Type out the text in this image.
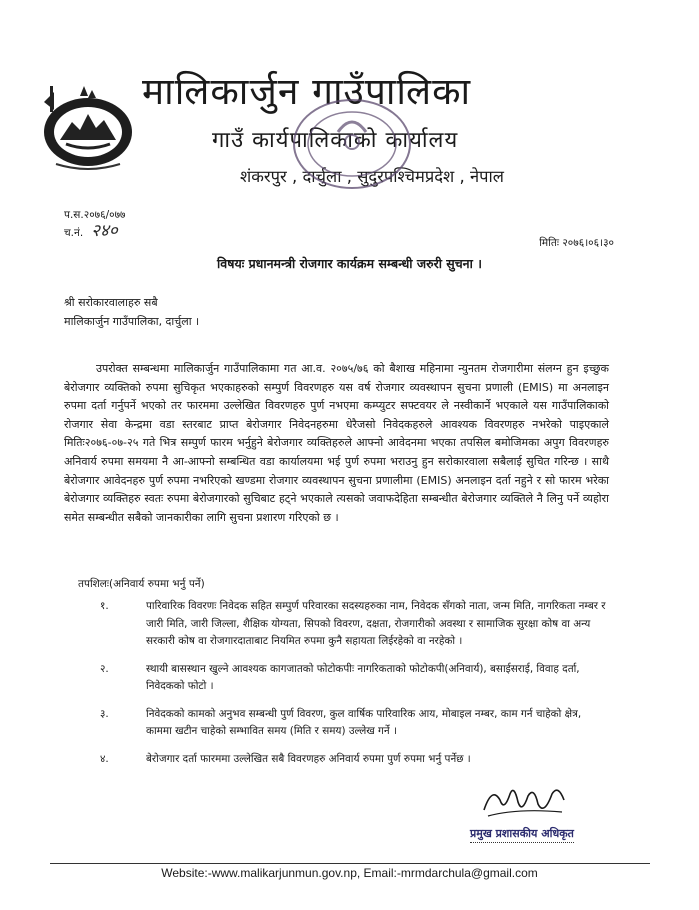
मालिकार्जुन गाउँपालिका
गाउँ कार्यपालिकाको कार्यालय
शंकरपुर , दार्चुला , सुदुरपश्चिमप्रदेश , नेपाल
प.स.२०७६/०७७
च.नं. २४०
मितिः २०७६।०६।३०
विषयः प्रधानमन्त्री रोजगार कार्यक्रम सम्बन्धी जरुरी सुचना ।
श्री सरोकारवालाहरु सबै
मालिकार्जुन गाउँपालिका, दार्चुला ।
उपरोक्त सम्बन्धमा मालिकार्जुन गाउँपालिकामा गत आ.व. २०७५/७६ को बैशाख महिनामा न्युनतम रोजगारीमा संलग्न हुन इच्छुक बेरोजगार व्यक्तिको रुपमा सुचिकृत भएकाहरुको सम्पुर्ण विवरणहरु यस वर्ष रोजगार व्यवस्थापन सुचना प्रणाली (EMIS) मा अनलाइन रुपमा दर्ता गर्नुपर्ने भएको तर फारममा उल्लेखित विवरणहरु पुर्ण नभएमा कम्प्युटर सफ्टवयर ले नस्वीकार्ने भएकाले यस गाउँपालिकाको रोजगार सेवा केन्द्रमा वडा स्तरबाट प्राप्त बेरोजगार निवेदनहरुमा धेरैजसो निवेदकहरुले आवश्यक विवरणहरु नभरेको पाइएकाले मितिः२०७६-०७-२५ गते भित्र सम्पुर्ण फारम भर्नुहुने बेरोजगार व्यक्तिहरुले आफ्नो आवेदनमा भएका तपसिल बमोजिमका अपुग विवरणहरु अनिवार्य रुपमा समयमा नै आ-आफ्नो सम्बन्धित वडा कार्यालयमा भई पुर्ण रुपमा भराउनु हुन सरोकारवाला सबैलाई सुचित गरिन्छ । साथै बेरोजगार आवेदनहरु पुर्ण रुपमा नभरिएको खण्डमा रोजगार व्यवस्थापन सुचना प्रणालीमा (EMIS) अनलाइन दर्ता नहुने र सो फारम भरेका बेरोजगार व्यक्तिहरु स्वतः रुपमा बेरोजगारको सुचिबाट हट्ने भएकाले त्यसको जवाफदेहिता सम्बन्धीत बेरोजगार व्यक्तिले नै लिनु पर्ने व्यहोरा समेत सम्बन्धीत सबैको जानकारीका लागि सुचना प्रशारण गरिएको छ ।
तपशिलः(अनिवार्य रुपमा भर्नु पर्ने)
१.	पारिवारिक विवरणः निवेदक सहित सम्पुर्ण परिवारका सदस्यहरुका नाम, निवेदक सँगको नाता, जन्म मिति, नागरिकता नम्बर र जारी मिति, जारी जिल्ला, शैक्षिक योग्यता, सिपको विवरण, दक्षता, रोजगारीको अवस्था र सामाजिक सुरक्षा कोष वा अन्य सरकारी कोष वा रोजगारदाताबाट नियमित रुपमा कुनै सहायता लिईरहेको वा नरहेको ।
२.	स्थायी बासस्थान खुल्ने आवश्यक कागजातको फोटोकपीः नागरिकताको फोटोकपी(अनिवार्य), बसाईसराई, विवाह दर्ता, निवेदकको फोटो ।
३.	निवेदकको कामको अनुभव सम्बन्धी पुर्ण विवरण, कुल वार्षिक पारिवारिक आय, मोबाइल नम्बर, काम गर्न चाहेको क्षेत्र, काममा खटीन चाहेको सम्भावित समय (मिति र समय) उल्लेख गर्ने ।
४.	बेरोजगार दर्ता फारममा उल्लेखित सबै विवरणहरु अनिवार्य रुपमा पुर्ण रुपमा भर्नु पर्नेछ ।
प्रमुख प्रशासकीय अधिकृत
Website:-www.malikarjunmun.gov.np, Email:-mrmdarchula@gmail.com
